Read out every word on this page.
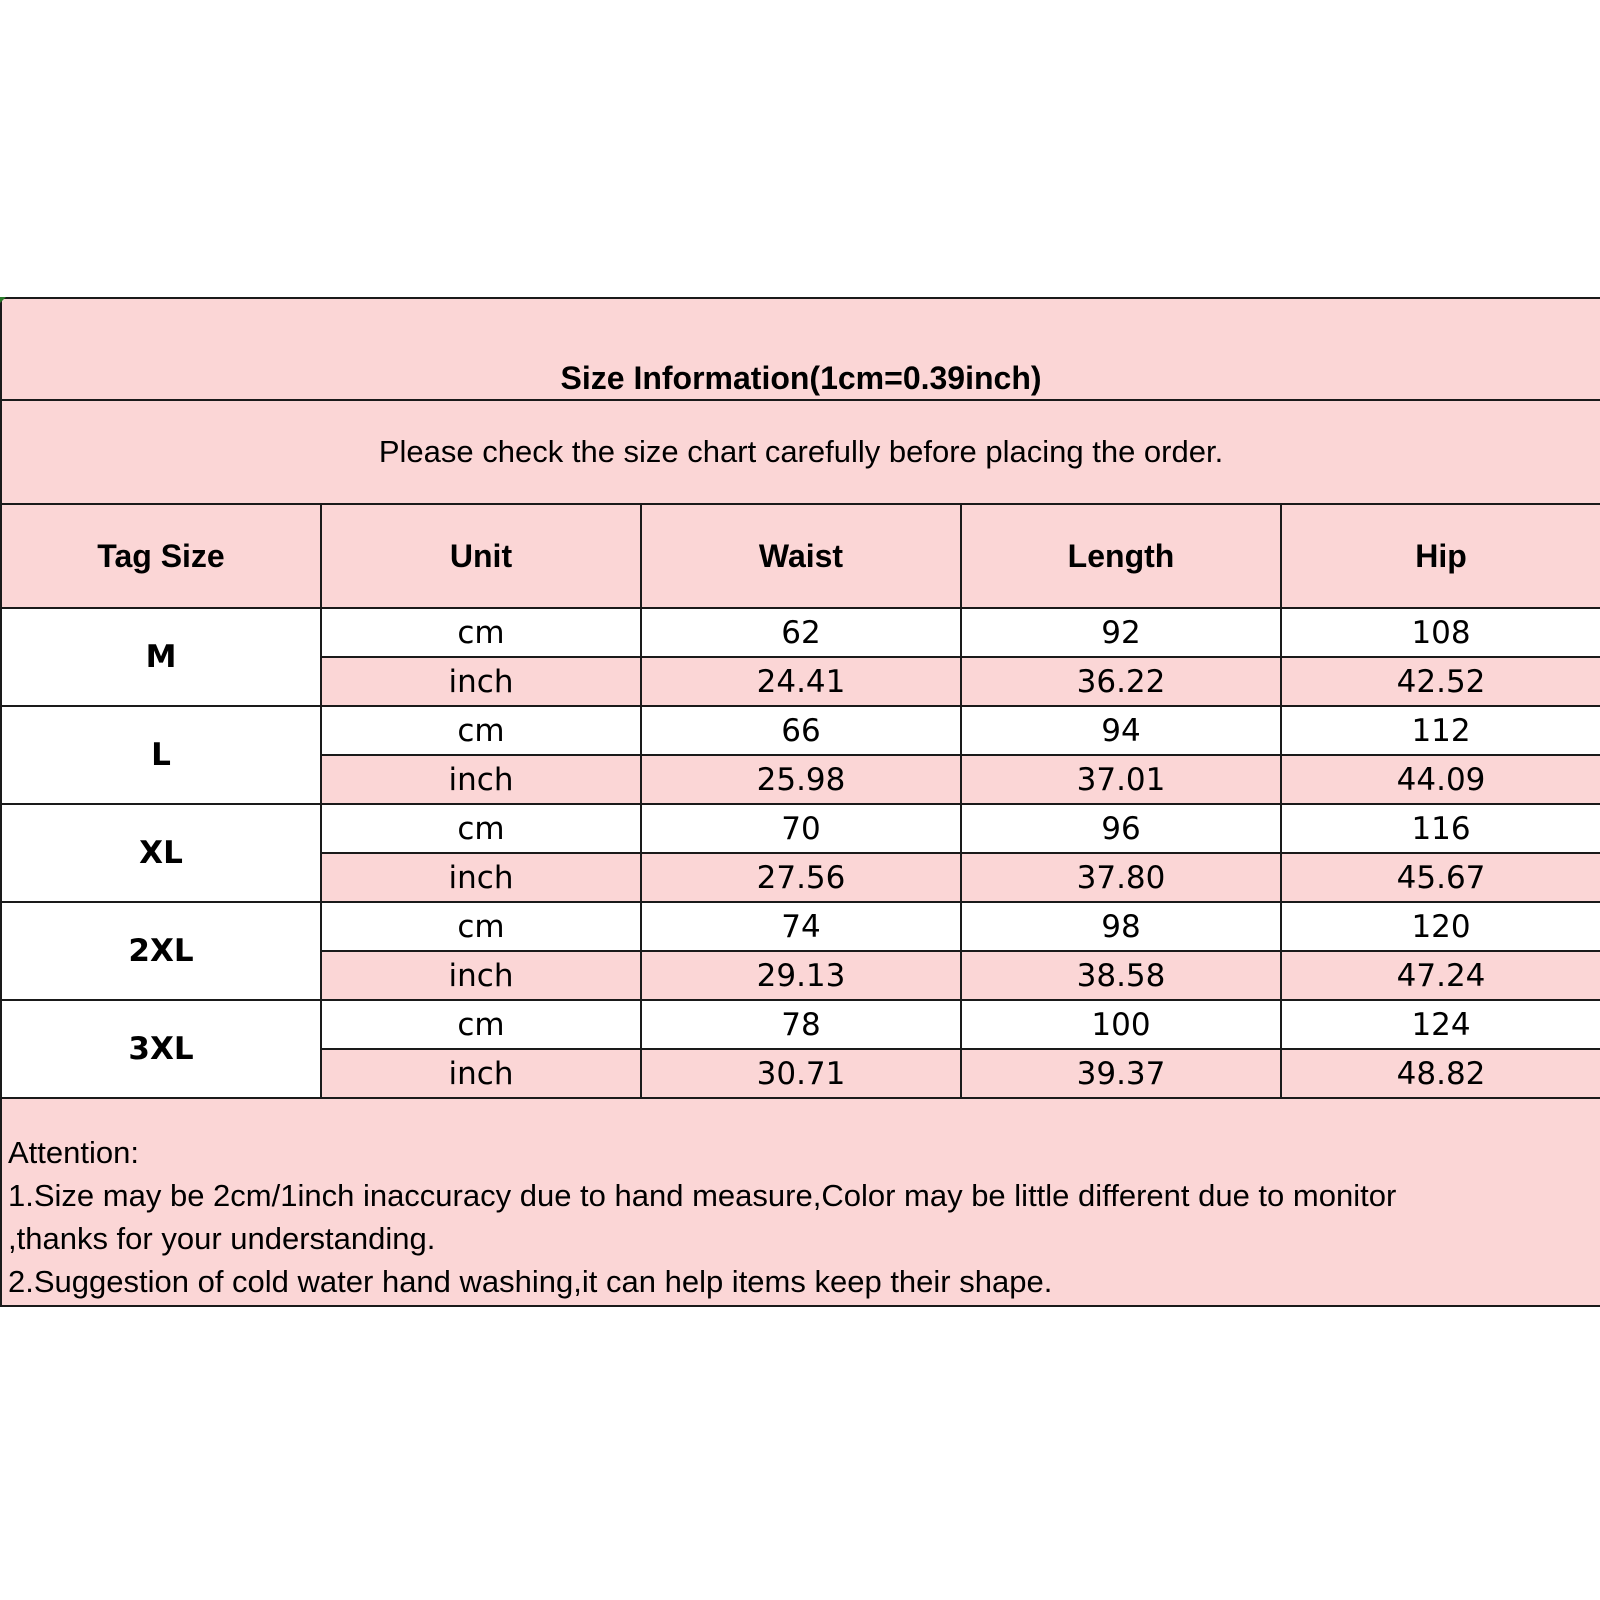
Size Information(1cm=0.39inch)				
Please check the size chart carefully before placing the order.				
Tag Size	Unit	Waist	Length	Hip
M	cm	62	92	108
	inch	24.41	36.22	42.52
L	cm	66	94	112
	inch	25.98	37.01	44.09
XL	cm	70	96	116
	inch	27.56	37.80	45.67
2XL	cm	74	98	120
	inch	29.13	38.58	47.24
3XL	cm	78	100	124
	inch	30.71	39.37	48.82

Attention:
1.Size may be 2cm/1inch inaccuracy due to hand measure,Color may be little different due to monitor
,thanks for your understanding.
2.Suggestion of cold water hand washing,it can help items keep their shape.				
